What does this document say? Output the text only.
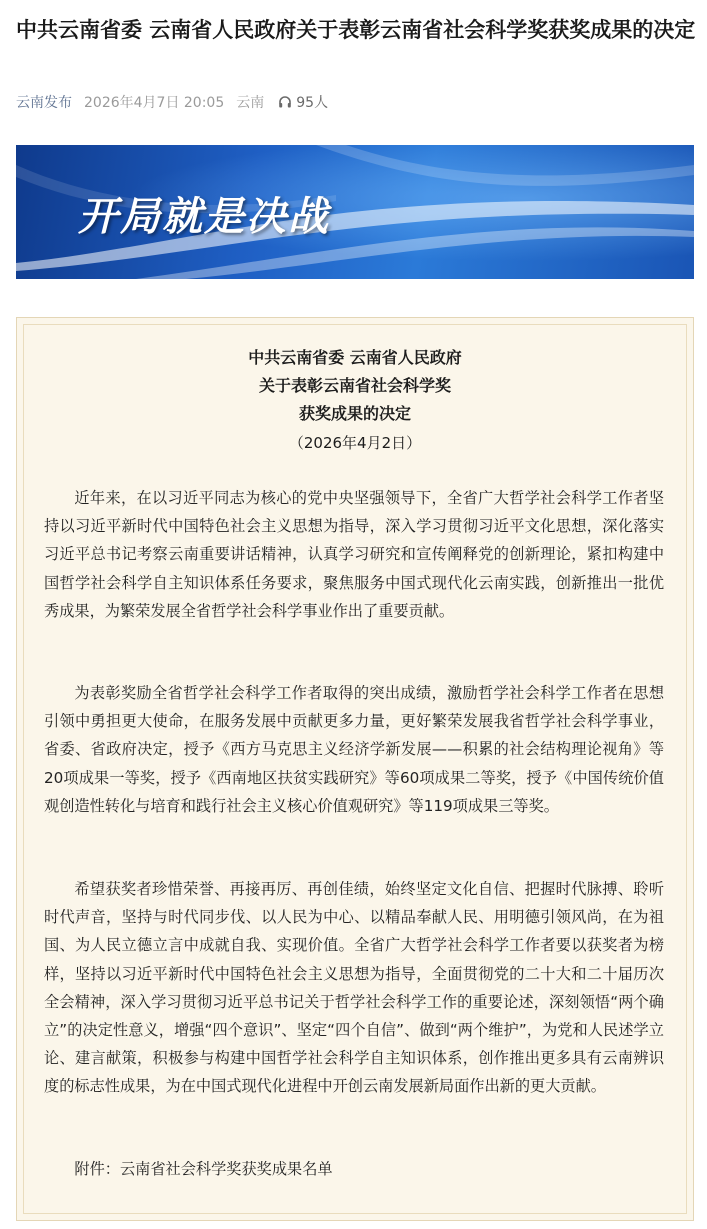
中共云南省委 云南省人民政府关于表彰云南省社会科学奖获奖成果的决定
云南发布 2026年4月7日 20:05 云南 95人
开局就是决战
中共云南省委 云南省人民政府
关于表彰云南省社会科学奖
获奖成果的决定
（2026年4月2日）

近年来，在以习近平同志为核心的党中央坚强领导下，全省广大哲学社会科学工作者坚持以习近平新时代中国特色社会主义思想为指导，深入学习贯彻习近平文化思想，深化落实习近平总书记考察云南重要讲话精神，认真学习研究和宣传阐释党的创新理论，紧扣构建中国哲学社会科学自主知识体系任务要求，聚焦服务中国式现代化云南实践，创新推出一批优秀成果，为繁荣发展全省哲学社会科学事业作出了重要贡献。

为表彰奖励全省哲学社会科学工作者取得的突出成绩，激励哲学社会科学工作者在思想引领中勇担更大使命，在服务发展中贡献更多力量，更好繁荣发展我省哲学社会科学事业，省委、省政府决定，授予《西方马克思主义经济学新发展——积累的社会结构理论视角》等20项成果一等奖，授予《西南地区扶贫实践研究》等60项成果二等奖，授予《中国传统价值观创造性转化与培育和践行社会主义核心价值观研究》等119项成果三等奖。

希望获奖者珍惜荣誉、再接再厉、再创佳绩，始终坚定文化自信、把握时代脉搏、聆听时代声音，坚持与时代同步伐、以人民为中心、以精品奉献人民、用明德引领风尚，在为祖国、为人民立德立言中成就自我、实现价值。全省广大哲学社会科学工作者要以获奖者为榜样，坚持以习近平新时代中国特色社会主义思想为指导，全面贯彻党的二十大和二十届历次全会精神，深入学习贯彻习近平总书记关于哲学社会科学工作的重要论述，深刻领悟“两个确立”的决定性意义，增强“四个意识”、坚定“四个自信”、做到“两个维护”，为党和人民述学立论、建言献策，积极参与构建中国哲学社会科学自主知识体系，创作推出更多具有云南辨识度的标志性成果，为在中国式现代化进程中开创云南发展新局面作出新的更大贡献。

附件：云南省社会科学奖获奖成果名单
